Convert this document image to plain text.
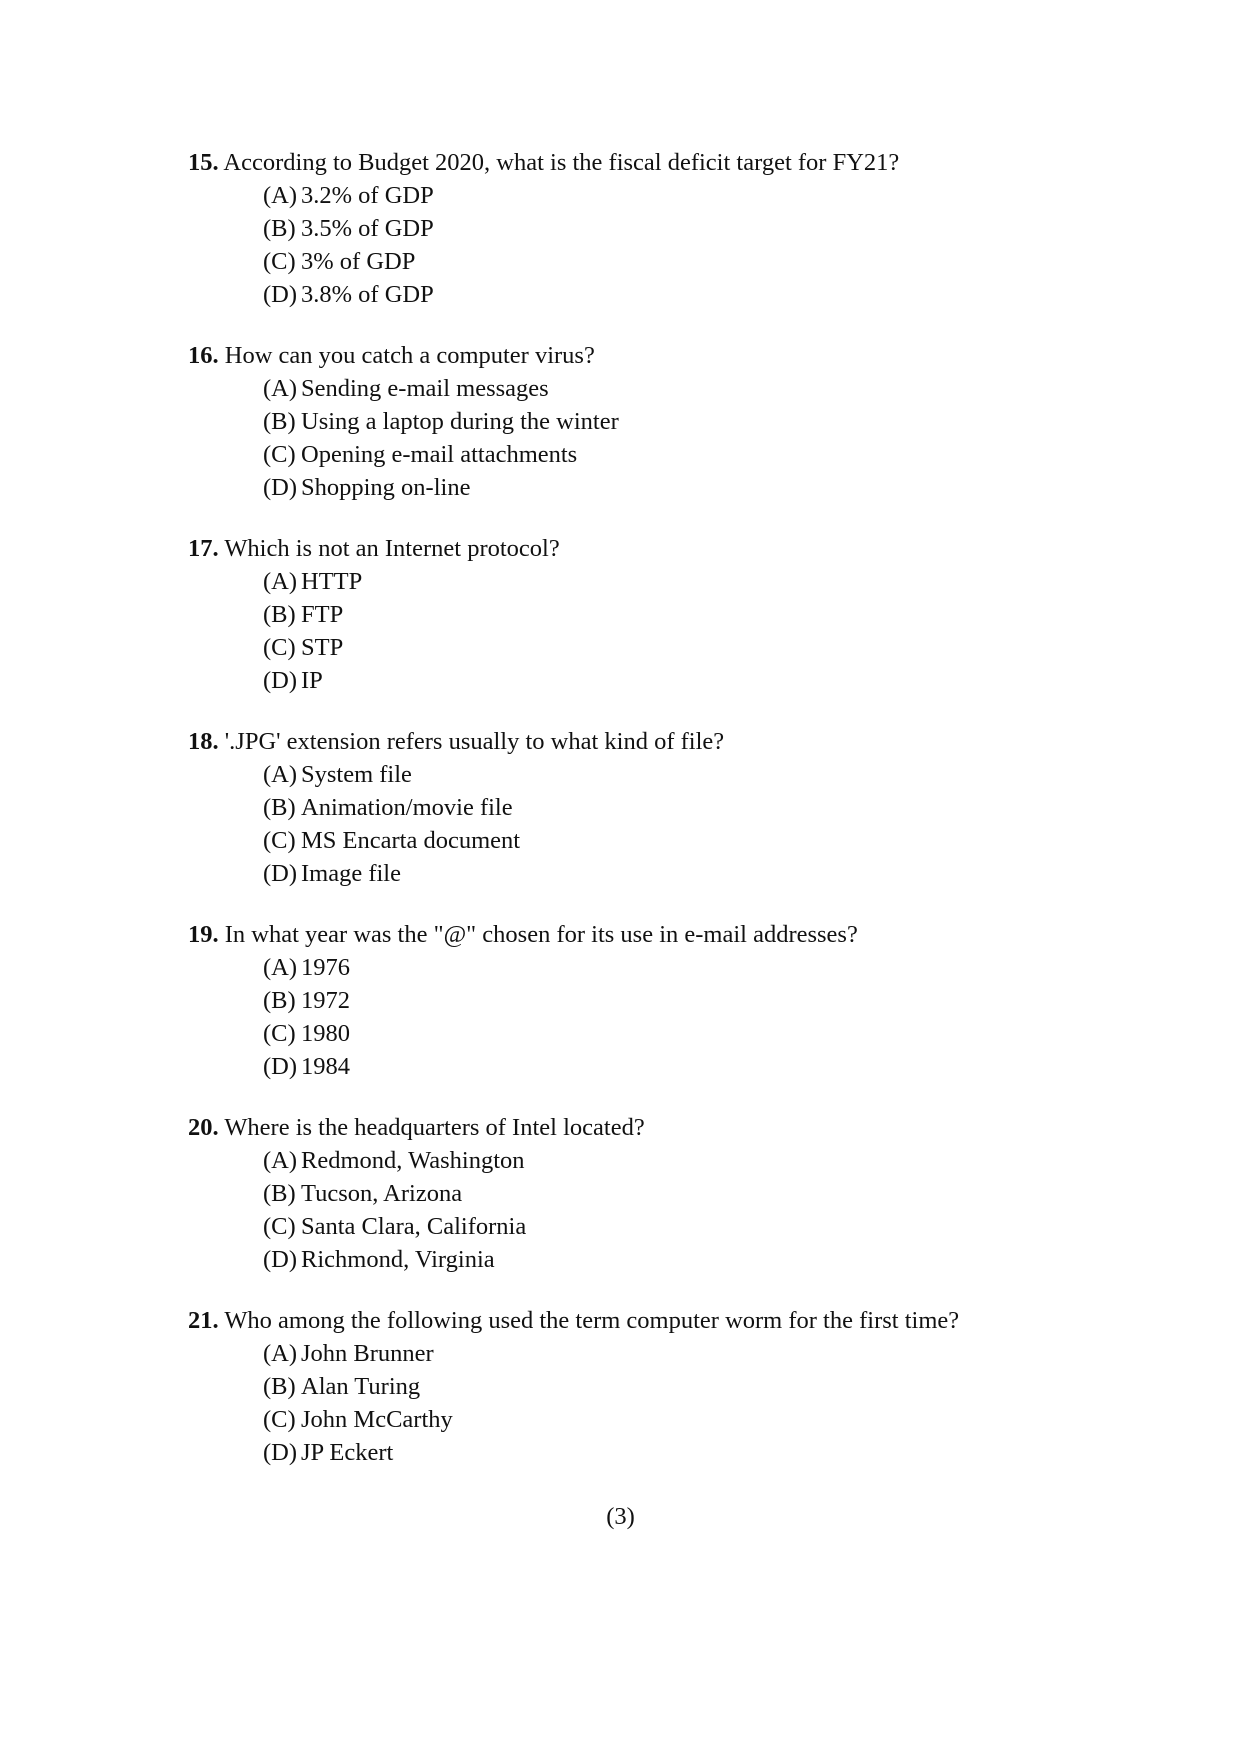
15. According to Budget 2020, what is the fiscal deficit target for FY21?
(A) 3.2% of GDP
(B) 3.5% of GDP
(C) 3% of GDP
(D) 3.8% of GDP
16. How can you catch a computer virus?
(A) Sending e-mail messages
(B) Using a laptop during the winter
(C) Opening e-mail attachments
(D) Shopping on-line
17. Which is not an Internet protocol?
(A) HTTP
(B) FTP
(C) STP
(D) IP
18. '.JPG' extension refers usually to what kind of file?
(A) System file
(B) Animation/movie file
(C) MS Encarta document
(D) Image file
19. In what year was the "@" chosen for its use in e-mail addresses?
(A) 1976
(B) 1972
(C) 1980
(D) 1984
20. Where is the headquarters of Intel located?
(A) Redmond, Washington
(B) Tucson, Arizona
(C) Santa Clara, California
(D) Richmond, Virginia
21. Who among the following used the term computer worm for the first time?
(A) John Brunner
(B) Alan Turing
(C) John McCarthy
(D) JP Eckert
(3)
